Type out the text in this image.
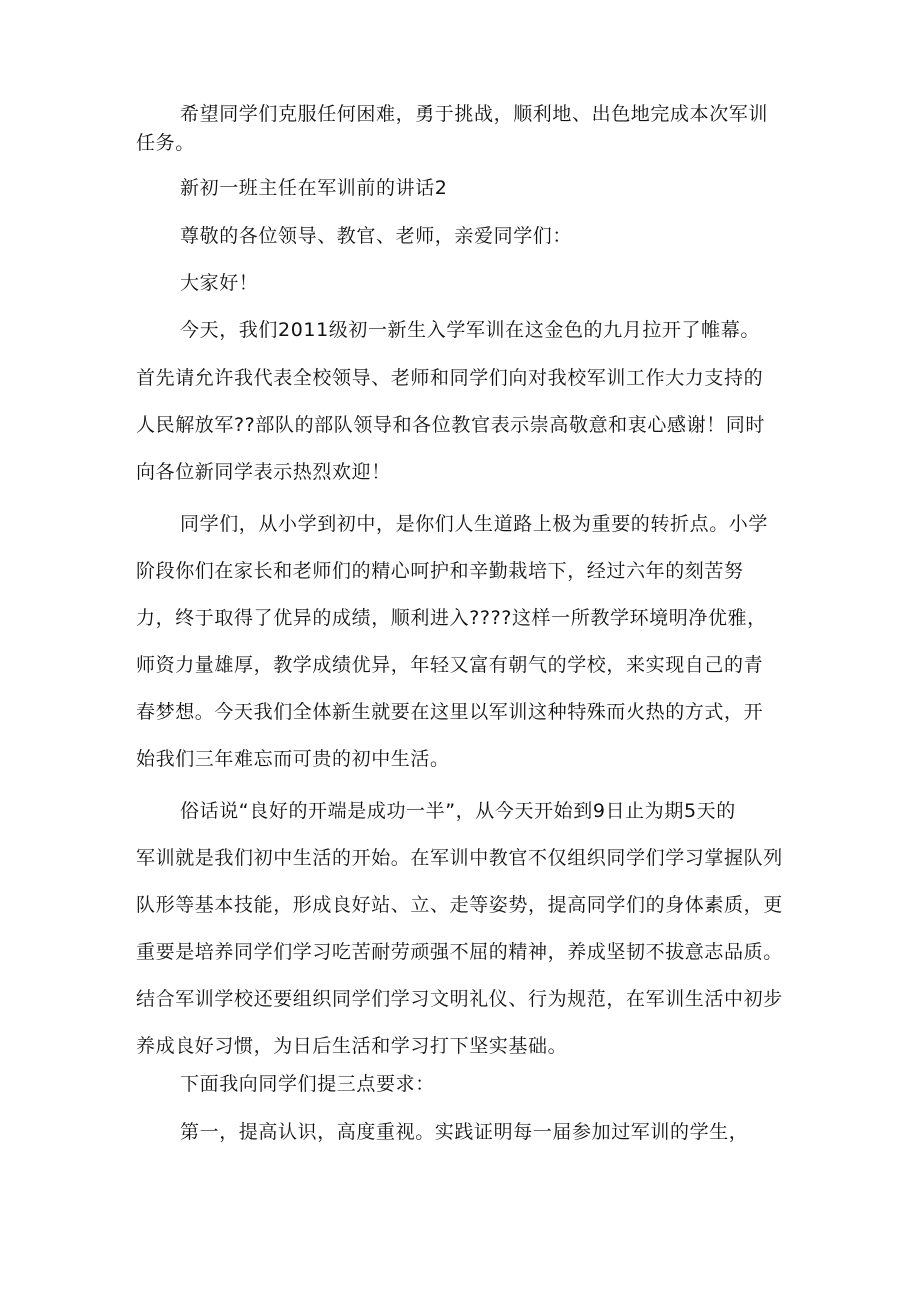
希望同学们克服任何困难，勇于挑战，顺利地、出色地完成本次军训
任务。
新初一班主任在军训前的讲话2
尊敬的各位领导、教官、老师，亲爱同学们：
大家好！
今天，我们2011级初一新生入学军训在这金色的九月拉开了帷幕。
首先请允许我代表全校领导、老师和同学们向对我校军训工作大力支持的
人民解放军??部队的部队领导和各位教官表示崇高敬意和衷心感谢！同时
向各位新同学表示热烈欢迎！
同学们，从小学到初中，是你们人生道路上极为重要的转折点。小学
阶段你们在家长和老师们的精心呵护和辛勤栽培下，经过六年的刻苦努
力，终于取得了优异的成绩，顺利进入????这样一所教学环境明净优雅，
师资力量雄厚，教学成绩优异，年轻又富有朝气的学校，来实现自己的青
春梦想。今天我们全体新生就要在这里以军训这种特殊而火热的方式，开
始我们三年难忘而可贵的初中生活。
俗话说“良好的开端是成功一半”，从今天开始到9日止为期5天的
军训就是我们初中生活的开始。在军训中教官不仅组织同学们学习掌握队列
队形等基本技能，形成良好站、立、走等姿势，提高同学们的身体素质，更
重要是培养同学们学习吃苦耐劳顽强不屈的精神，养成坚韧不拔意志品质。
结合军训学校还要组织同学们学习文明礼仪、行为规范，在军训生活中初步
养成良好习惯，为日后生活和学习打下坚实基础。
下面我向同学们提三点要求：
第一，提高认识，高度重视。实践证明每一届参加过军训的学生，
